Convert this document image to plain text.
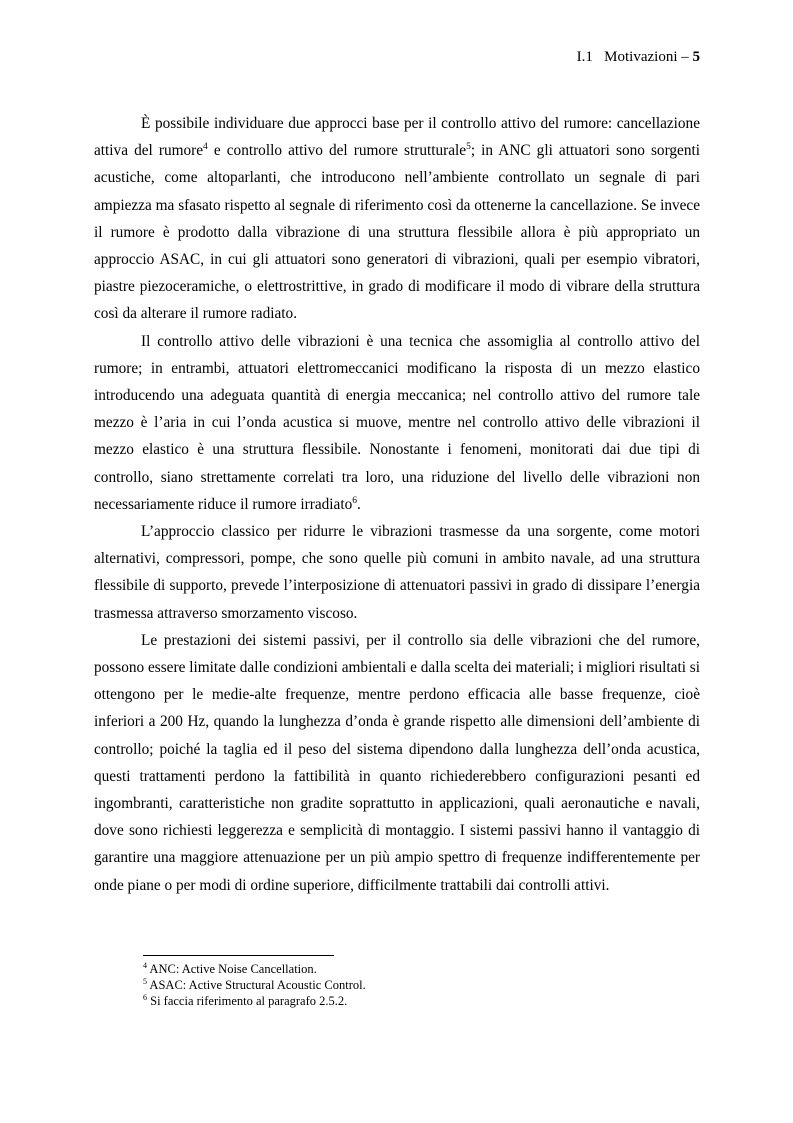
I.1 Motivazioni – 5

È possibile individuare due approcci base per il controllo attivo del rumore: cancellazione attiva del rumore$^4$ e controllo attivo del rumore strutturale$^5$; in ANC gli attuatori sono sorgenti acustiche, come altoparlanti, che introducono nell’ambiente controllato un segnale di pari ampiezza ma sfasato rispetto al segnale di riferimento così da ottenerne la cancellazione. Se invece il rumore è prodotto dalla vibrazione di una struttura flessibile allora è più appropriato un approccio ASAC, in cui gli attuatori sono generatori di vibrazioni, quali per esempio vibratori, piastre piezoceramiche, o elettrostrittive, in grado di modificare il modo di vibrare della struttura così da alterare il rumore radiato.

Il controllo attivo delle vibrazioni è una tecnica che assomiglia al controllo attivo del rumore; in entrambi, attuatori elettromeccanici modificano la risposta di un mezzo elastico introducendo una adeguata quantità di energia meccanica; nel controllo attivo del rumore tale mezzo è l’aria in cui l’onda acustica si muove, mentre nel controllo attivo delle vibrazioni il mezzo elastico è una struttura flessibile. Nonostante i fenomeni, monitorati dai due tipi di controllo, siano strettamente correlati tra loro, una riduzione del livello delle vibrazioni non necessariamente riduce il rumore irradiato$^6$.

L’approccio classico per ridurre le vibrazioni trasmesse da una sorgente, come motori alternativi, compressori, pompe, che sono quelle più comuni in ambito navale, ad una struttura flessibile di supporto, prevede l’interposizione di attenuatori passivi in grado di dissipare l’energia trasmessa attraverso smorzamento viscoso.

Le prestazioni dei sistemi passivi, per il controllo sia delle vibrazioni che del rumore, possono essere limitate dalle condizioni ambientali e dalla scelta dei materiali; i migliori risultati si ottengono per le medie-alte frequenze, mentre perdono efficacia alle basse frequenze, cioè inferiori a 200 Hz, quando la lunghezza d’onda è grande rispetto alle dimensioni dell’ambiente di controllo; poiché la taglia ed il peso del sistema dipendono dalla lunghezza dell’onda acustica, questi trattamenti perdono la fattibilità in quanto richiederebbero configurazioni pesanti ed ingombranti, caratteristiche non gradite soprattutto in applicazioni, quali aeronautiche e navali, dove sono richiesti leggerezza e semplicità di montaggio. I sistemi passivi hanno il vantaggio di garantire una maggiore attenuazione per un più ampio spettro di frequenze indifferentemente per onde piane o per modi di ordine superiore, difficilmente trattabili dai controlli attivi.

$^4$ ANC: Active Noise Cancellation.
$^5$ ASAC: Active Structural Acoustic Control.
$^6$ Si faccia riferimento al paragrafo 2.5.2.
